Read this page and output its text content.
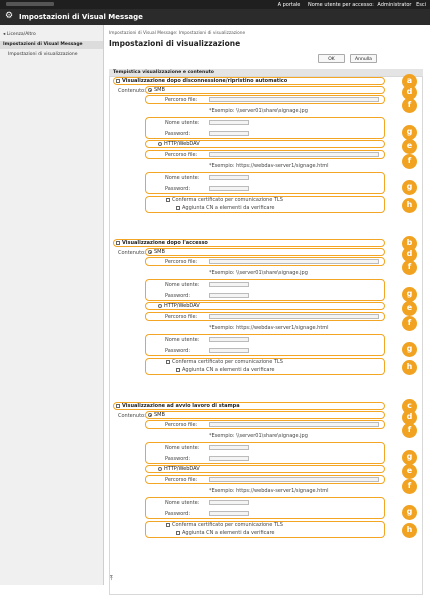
A portale Nome utente per accesso: Administrator Esci
⚙ Impostazioni di Visual Message
◂ Licenza/Altro
Impostazioni di Visual Message
Impostazioni di visualizzazione
Impostazioni di Visual Message: Impostazioni di visualizzazione
Impostazioni di visualizzazione
OK	Annulla
Tempistica visualizzazione e contenuto
⤒
Visualizzazione dopo disconnessione/ripristino automatico	a
Contenuto: SMB	d
Percorso file:	f
*Esempio: \\server01\share\signage.jpg
Nome utente:
Password:	g
HTTP/WebDAV	e
Percorso file:
f
*Esempio: https://webdav-server1/signage.html
Nome utente:
Password:	g
Conferma certificato per comunicazione TLS
Aggiunta CN a elementi da verificare	h
Visualizzazione dopo l'accesso	b
Contenuto: SMB	d
Percorso file:	f
*Esempio: \\server01\share\signage.jpg
Nome utente:
Password:	g
HTTP/WebDAV	e
Percorso file:
f
*Esempio: https://webdav-server1/signage.html
Nome utente:
Password:	g
Conferma certificato per comunicazione TLS
Aggiunta CN a elementi da verificare	h
Visualizzazione ad avvio lavoro di stampa	c
Contenuto: SMB	d
Percorso file:	f
*Esempio: \\server01\share\signage.jpg
Nome utente:
Password:	g
HTTP/WebDAV	e
Percorso file:
f
*Esempio: https://webdav-server1/signage.html
Nome utente:
Password:	g
Conferma certificato per comunicazione TLS
Aggiunta CN a elementi da verificare	h
